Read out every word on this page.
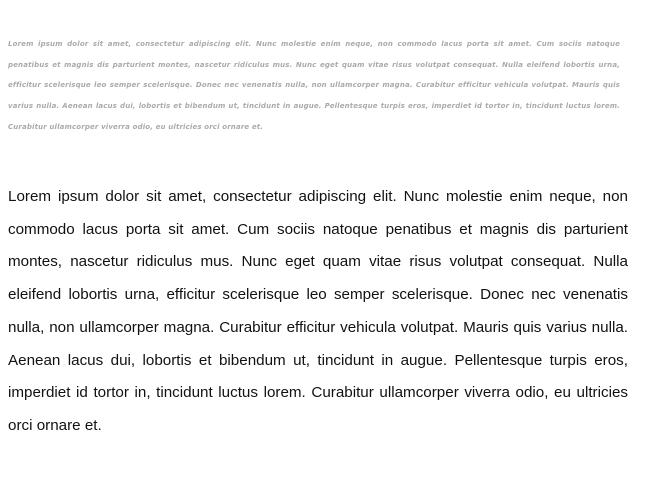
Lorem ipsum dolor sit amet, consectetur adipiscing elit. Nunc molestie enim neque, non commodo lacus porta sit amet. Cum sociis natoque penatibus et magnis dis parturient montes, nascetur ridiculus mus. Nunc eget quam vitae risus volutpat consequat. Nulla eleifend lobortis urna, efficitur scelerisque leo semper scelerisque. Donec nec venenatis nulla, non ullamcorper magna. Curabitur efficitur vehicula volutpat. Mauris quis varius nulla. Aenean lacus dui, lobortis et bibendum ut, tincidunt in augue. Pellentesque turpis eros, imperdiet id tortor in, tincidunt luctus lorem. Curabitur ullamcorper viverra odio, eu ultricies orci ornare et.

Lorem ipsum dolor sit amet, consectetur adipiscing elit. Nunc molestie enim neque, non commodo lacus porta sit amet. Cum sociis natoque penatibus et magnis dis parturient montes, nascetur ridiculus mus. Nunc eget quam vitae risus volutpat consequat. Nulla eleifend lobortis urna, efficitur scelerisque leo semper scelerisque. Donec nec venenatis nulla, non ullamcorper magna. Curabitur efficitur vehicula volutpat. Mauris quis varius nulla. Aenean lacus dui, lobortis et bibendum ut, tincidunt in augue. Pellentesque turpis eros, imperdiet id tortor in, tincidunt luctus lorem. Curabitur ullamcorper viverra odio, eu ultricies orci ornare et.
